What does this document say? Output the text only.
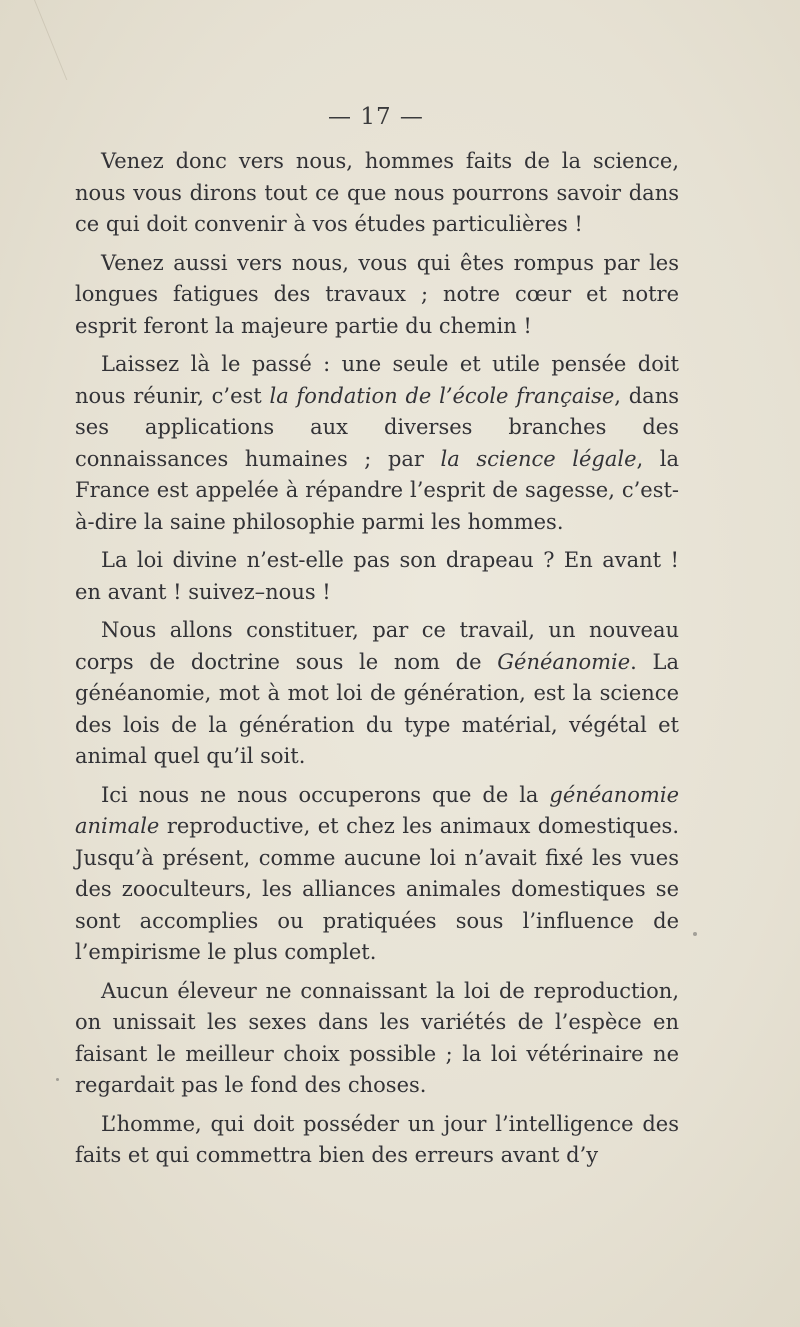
— 17 —

Venez donc vers nous, hommes faits de la science, nous vous dirons tout ce que nous pourrons savoir dans ce qui doit convenir à vos études particulières !

Venez aussi vers nous, vous qui êtes rompus par les longues fatigues des travaux ; notre cœur et notre esprit feront la majeure partie du chemin !

Laissez là le passé : une seule et utile pensée doit nous réunir, c’est la fondation de l’école française, dans ses applications aux diverses branches des connaissances humaines ; par la science légale, la France est appelée à répandre l’esprit de sagesse, c’est-à-dire la saine philosophie parmi les hommes.

La loi divine n’est-elle pas son drapeau ? En avant ! en avant ! suivez–nous !

Nous allons constituer, par ce travail, un nouveau corps de doctrine sous le nom de Généanomie. La généanomie, mot à mot loi de génération, est la science des lois de la génération du type matérial, végétal et animal quel qu’il soit.

Ici nous ne nous occuperons que de la généanomie animale reproductive, et chez les animaux domestiques. Jusqu’à présent, comme aucune loi n’avait fixé les vues des zooculteurs, les alliances animales domestiques se sont accomplies ou pratiquées sous l’influence de l’empirisme le plus complet.

Aucun éleveur ne connaissant la loi de reproduction, on unissait les sexes dans les variétés de l’espèce en faisant le meilleur choix possible ; la loi vétérinaire ne regardait pas le fond des choses.

L’homme, qui doit posséder un jour l’intelligence des faits et qui commettra bien des erreurs avant d’y
